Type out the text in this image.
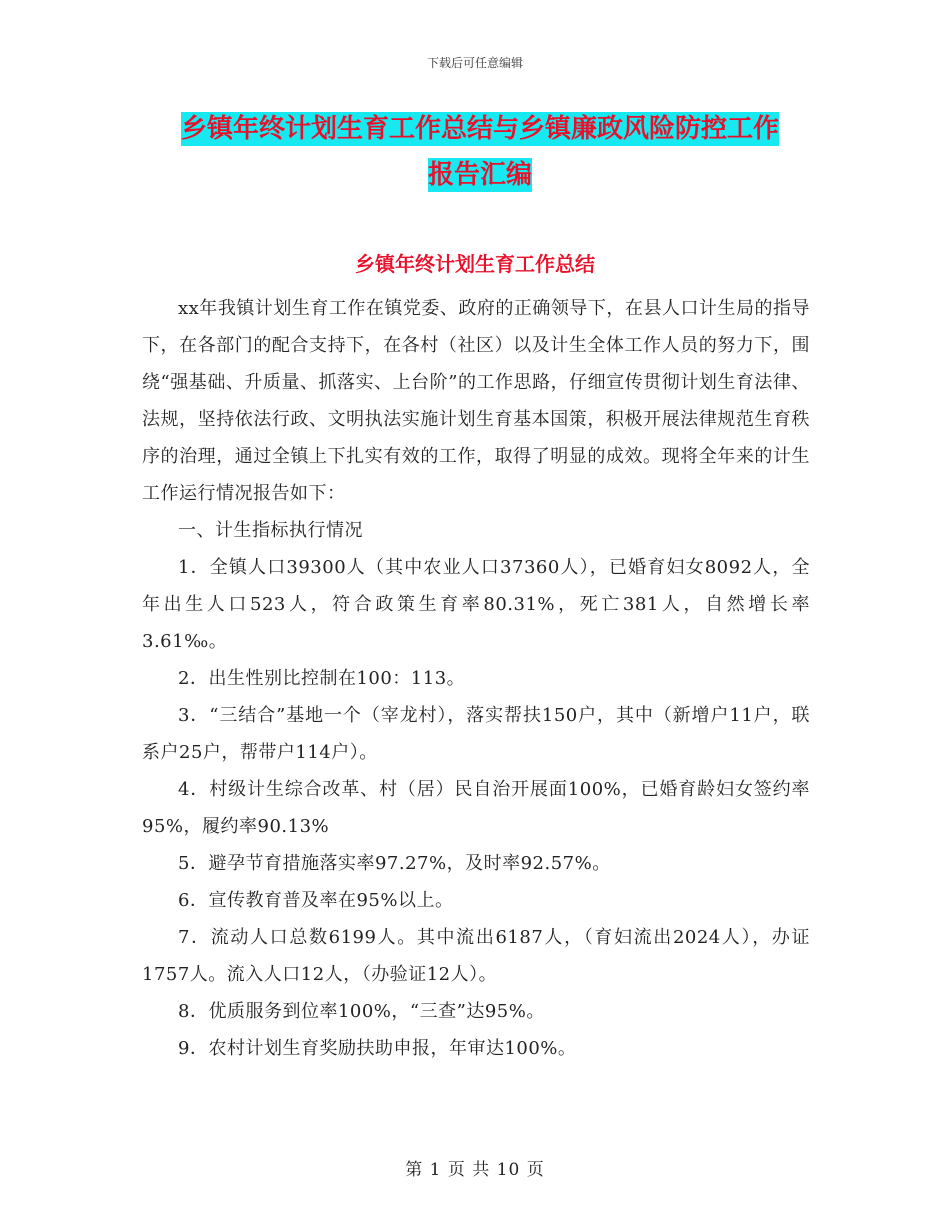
下载后可任意编辑
乡镇年终计划生育工作总结与乡镇廉政风险防控工作
报告汇编
乡镇年终计划生育工作总结

xx年我镇计划生育工作在镇党委、政府的正确领导下，在县人口计生局的指导下，在各部门的配合支持下，在各村（社区）以及计生全体工作人员的努力下，围绕“强基础、升质量、抓落实、上台阶”的工作思路，仔细宣传贯彻计划生育法律、法规，坚持依法行政、文明执法实施计划生育基本国策，积极开展法律规范生育秩序的治理，通过全镇上下扎实有效的工作，取得了明显的成效。现将全年来的计生工作运行情况报告如下：

一、计生指标执行情况

1．全镇人口39300人（其中农业人口37360人），已婚育妇女8092人，全年出生人口523人，符合政策生育率80.31%，死亡381人，自然增长率3.61‰。

2．出生性别比控制在100：113。

3．“三结合”基地一个（宰龙村），落实帮扶150户，其中（新增户11户，联系户25户，帮带户114户）。

4．村级计生综合改革、村（居）民自治开展面100%，已婚育龄妇女签约率95%，履约率90.13%

5．避孕节育措施落实率97.27%，及时率92.57%。

6．宣传教育普及率在95%以上。

7．流动人口总数6199人。其中流出6187人，（育妇流出2024人），办证1757人。流入人口12人，（办验证12人）。

8．优质服务到位率100%，“三查”达95%。

9．农村计划生育奖励扶助申报，年审达100%。

第 1 页 共 10 页
